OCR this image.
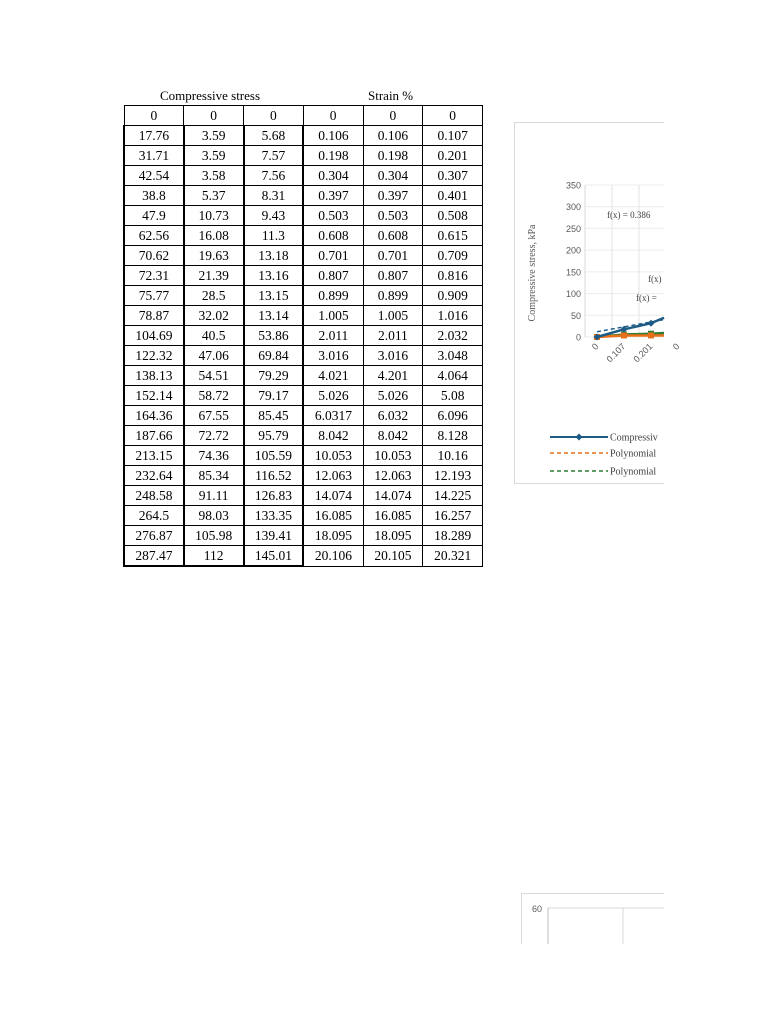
Compressive stress	Strain %
0	0	0	0	0	0
17.76	3.59	5.68	0.106	0.106	0.107
31.71	3.59	7.57	0.198	0.198	0.201
42.54	3.58	7.56	0.304	0.304	0.307
38.8	5.37	8.31	0.397	0.397	0.401
47.9	10.73	9.43	0.503	0.503	0.508
62.56	16.08	11.3	0.608	0.608	0.615
70.62	19.63	13.18	0.701	0.701	0.709
72.31	21.39	13.16	0.807	0.807	0.816
75.77	28.5	13.15	0.899	0.899	0.909
78.87	32.02	13.14	1.005	1.005	1.016
104.69	40.5	53.86	2.011	2.011	2.032
122.32	47.06	69.84	3.016	3.016	3.048
138.13	54.51	79.29	4.021	4.201	4.064
152.14	58.72	79.17	5.026	5.026	5.08
164.36	67.55	85.45	6.0317	6.032	6.096
187.66	72.72	95.79	8.042	8.042	8.128
213.15	74.36	105.59	10.053	10.053	10.16
232.64	85.34	116.52	12.063	12.063	12.193
248.58	91.11	126.83	14.074	14.074	14.225
264.5	98.03	133.35	16.085	16.085	16.257
276.87	105.98	139.41	18.095	18.095	18.289
287.47	112	145.01	20.106	20.105	20.321
350
300
250
200
150
100
50
0
Compressive stress, kPa
0 0.107 0.201 0
f(x) = 0.386
f(x)
f(x) =
Compressiv
Polynomial
Polynomial
60
